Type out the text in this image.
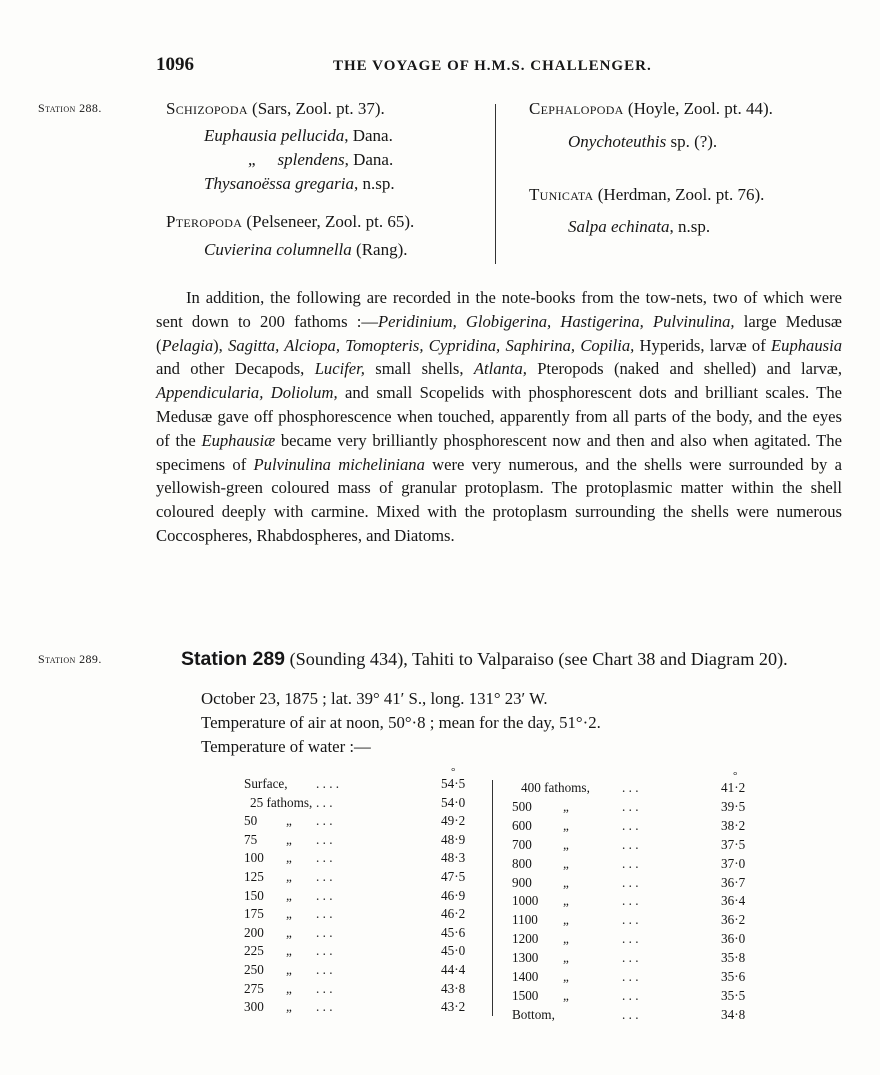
1096	THE VOYAGE OF H.M.S. CHALLENGER.
Station 288.	Schizopoda (Sars, Zool. pt. 37).
Euphausia pellucida, Dana.
„ splendens, Dana.
Thysanoëssa gregaria, n.sp.
Pteropoda (Pelseneer, Zool. pt. 65).
Cuvierina columnella (Rang).
Cephalopoda (Hoyle, Zool. pt. 44).
Onychoteuthis sp. (?).
Tunicata (Herdman, Zool. pt. 76).
Salpa echinata, n.sp.
In addition, the following are recorded in the note-books from the tow-nets, two of which were sent down to 200 fathoms :—Peridinium, Globigerina, Hastigerina, Pulvinulina, large Medusæ (Pelagia), Sagitta, Alciopa, Tomopteris, Cypridina, Saphirina, Copilia, Hyperids, larvæ of Euphausia and other Decapods, Lucifer, small shells, Atlanta, Pteropods (naked and shelled) and larvæ, Appendicularia, Doliolum, and small Scopelids with phosphorescent dots and brilliant scales. The Medusæ gave off phosphorescence when touched, apparently from all parts of the body, and the eyes of the Euphausiæ became very brilliantly phosphorescent now and then and also when agitated. The specimens of Pulvinulina micheliniana were very numerous, and the shells were surrounded by a yellowish-green coloured mass of granular protoplasm. The protoplasmic matter within the shell coloured deeply with carmine. Mixed with the protoplasm surrounding the shells were numerous Coccospheres, Rhabdospheres, and Diatoms.
Station 289.	Station 289 (Sounding 434), Tahiti to Valparaiso (see Chart 38 and Diagram 20).
October 23, 1875 ; lat. 39° 41′ S., long. 131° 23′ W.
Temperature of air at noon, 50°·8 ; mean for the day, 51°·2.
Temperature of water :—
°	°
Surface, . . . .	54·5
25 fathoms, . . .	54·0
50 „ . . .	49·2
75 „ . . .	48·9
100 „ . . .	48·3
125 „ . . .	47·5
150 „ . . .	46·9
175 „ . . .	46·2
200 „ . . .	45·6
225 „ . . .	45·0
250 „ . . .	44·4
275 „ . . .	43·8
300 „ . . .	43·2
400 fathoms, . . .	41·2
500 „	. . .	39·5
600 „	. . .	38·2
700 „	. . .	37·5
800 „	. . .	37·0
900 „	. . .	36·7
1000 „	. . .	36·4
1100 „	. . .	36·2
1200 „	. . .	36·0
1300 „	. . .	35·8
1400 „	. . .	35·6
1500 „	. . .	35·5
Bottom,	. . .	34·8
